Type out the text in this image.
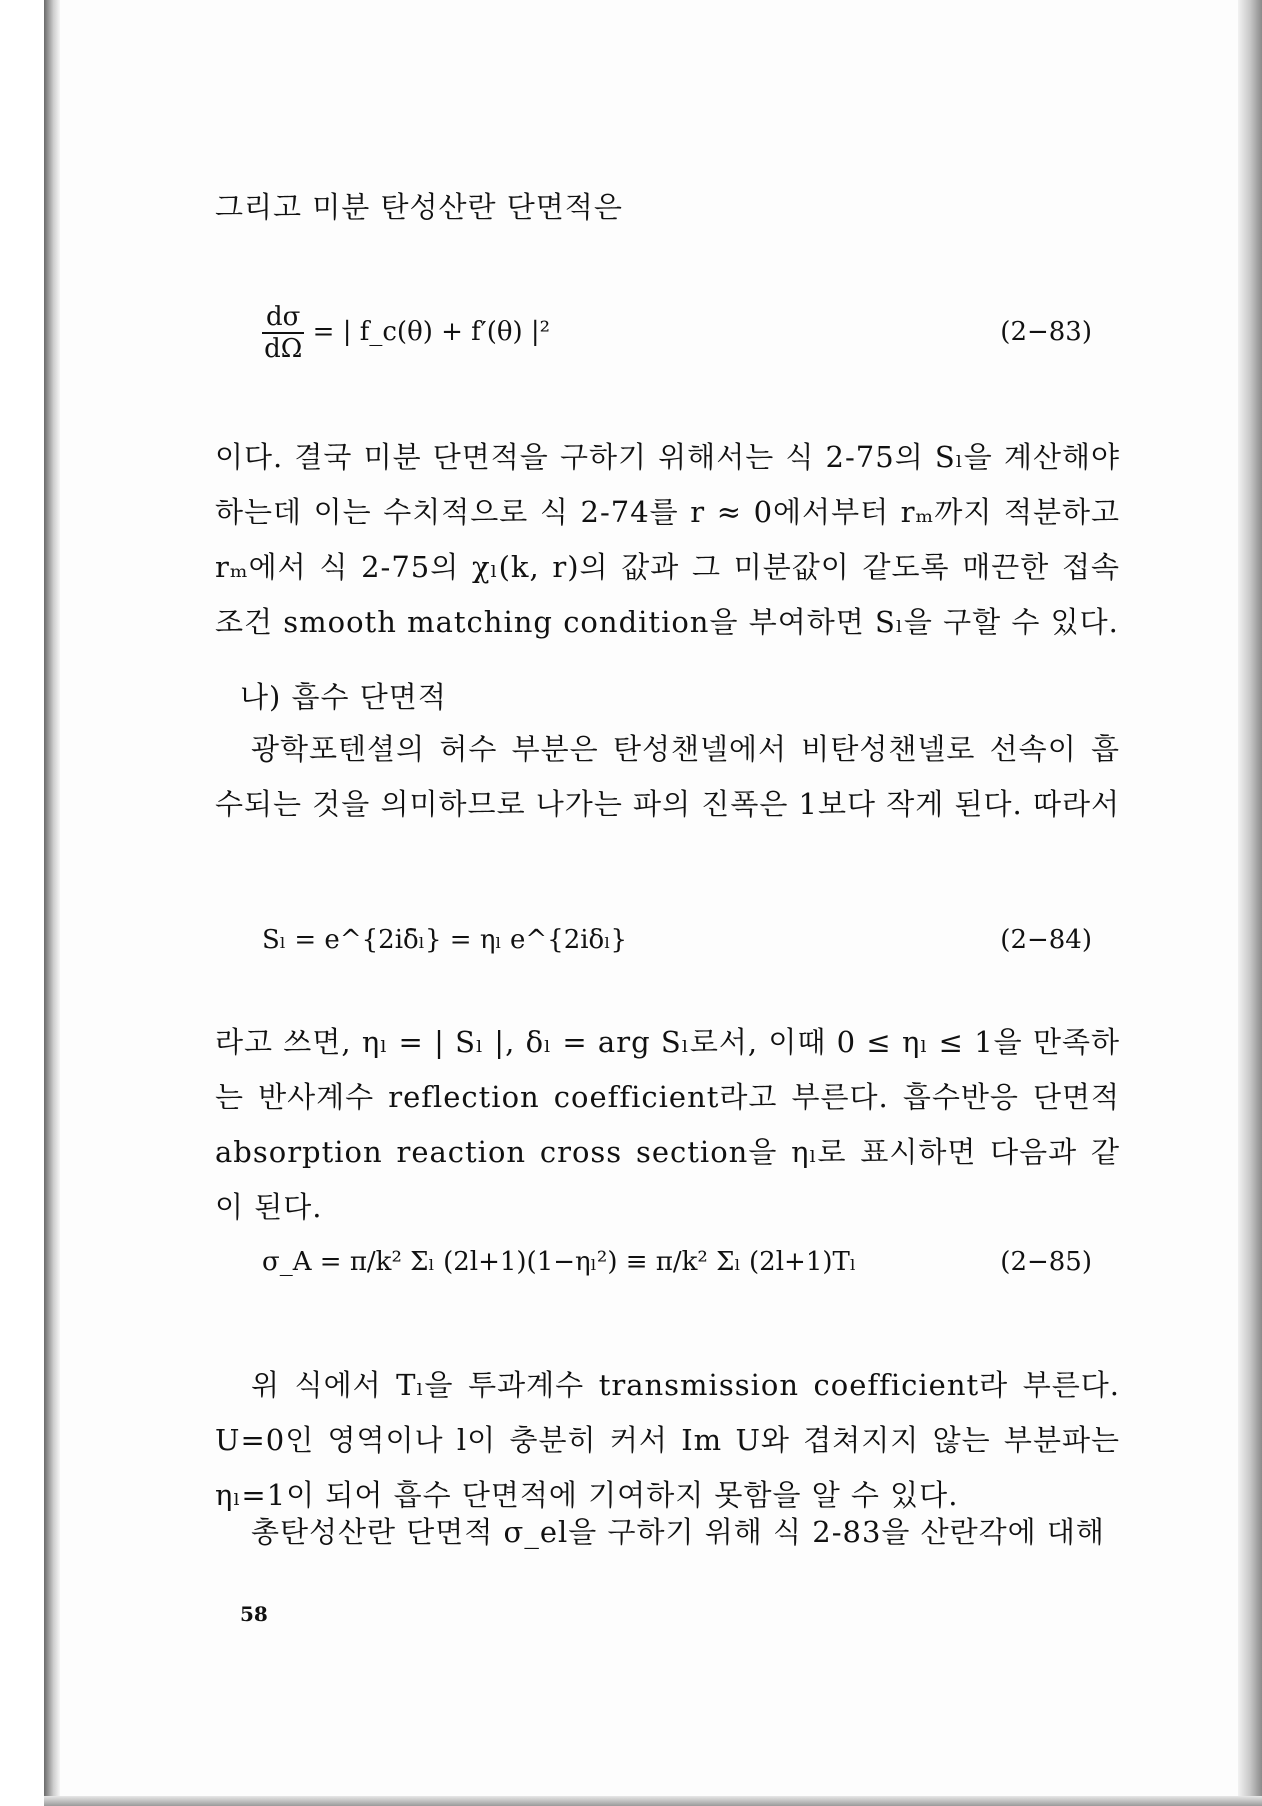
그리고 미분 탄성산란 단면적은
$\frac{d\sigma}{d\Omega}$ = | f_c(θ) + f′(θ) |²	(2−83)
이다. 결국 미분 단면적을 구하기 위해서는 식 2-75의 Sₗ을 계산해야 하는데 이는 수치적으로 식 2-74를 r ≈ 0에서부터 rₘ까지 적분하고 rₘ에서 식 2-75의 χₗ(k, r)의 값과 그 미분값이 같도록 매끈한 접속조건 smooth matching condition을 부여하면 Sₗ을 구할 수 있다.
나) 흡수 단면적
광학포텐셜의 허수 부분은 탄성챈넬에서 비탄성챈넬로 선속이 흡수되는 것을 의미하므로 나가는 파의 진폭은 1보다 작게 된다. 따라서
Sₗ = e^{2iδ̄ₗ} = ηₗ e^{2iδₗ}	(2−84)
라고 쓰면, ηₗ = | Sₗ |, δₗ = arg Sₗ로서, 이때 0 ≤ ηₗ ≤ 1을 만족하는 반사계수 reflection coefficient라고 부른다. 흡수반응 단면적 absorption reaction cross section을 ηₗ로 표시하면 다음과 같이 된다.
σ_A = π/k² Σₗ (2l+1)(1−ηₗ²) ≡ π/k² Σₗ (2l+1)Tₗ	(2−85)
위 식에서 Tₗ을 투과계수 transmission coefficient라 부른다. U=0인 영역이나 l이 충분히 커서 Im U와 겹쳐지지 않는 부분파는 ηₗ=1이 되어 흡수 단면적에 기여하지 못함을 알 수 있다.
총탄성산란 단면적 σ_el을 구하기 위해 식 2-83을 산란각에 대해
58
